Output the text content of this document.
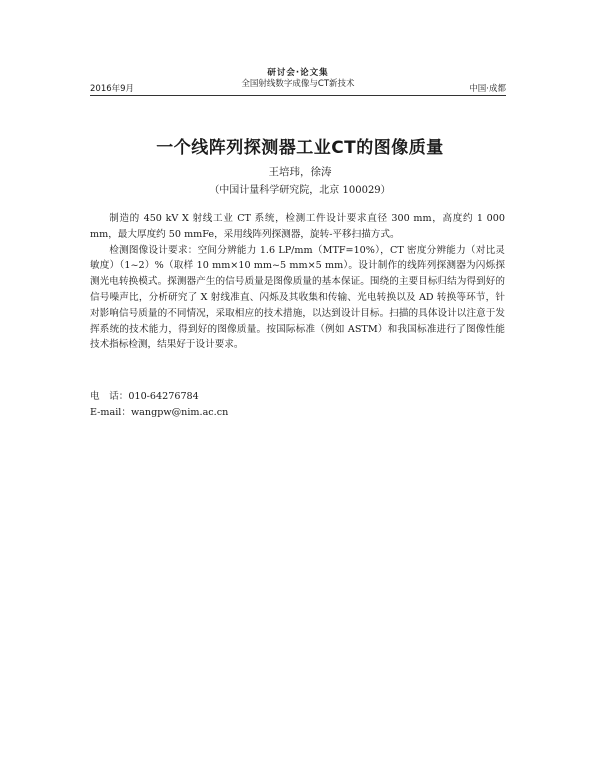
2016年9月
研讨会·论文集
全国射线数字成像与CT新技术	中国·成都
一个线阵列探测器工业CT的图像质量
王培玮，徐涛
（中国计量科学研究院，北京 100029）

制造的 450 kV X 射线工业 CT 系统，检测工件设计要求直径 300 mm，高度约 1 000 mm，最大厚度约 50 mmFe，采用线阵列探测器，旋转-平移扫描方式。

检测图像设计要求：空间分辨能力 1.6 LP/mm（MTF=10%），CT 密度分辨能力（对比灵敏度）（1~2）%（取样 10 mm×10 mm~5 mm×5 mm）。设计制作的线阵列探测器为闪烁探测光电转换模式。探测器产生的信号质量是图像质量的基本保证。围绕的主要目标归结为得到好的信号噪声比，分析研究了 X 射线准直、闪烁及其收集和传输、光电转换以及 AD 转换等环节，针对影响信号质量的不同情况，采取相应的技术措施，以达到设计目标。扫描的具体设计以注意于发挥系统的技术能力，得到好的图像质量。按国际标准（例如 ASTM）和我国标准进行了图像性能技术指标检测，结果好于设计要求。

电　话：010-64276784
E-mail：wangpw@nim.ac.cn
